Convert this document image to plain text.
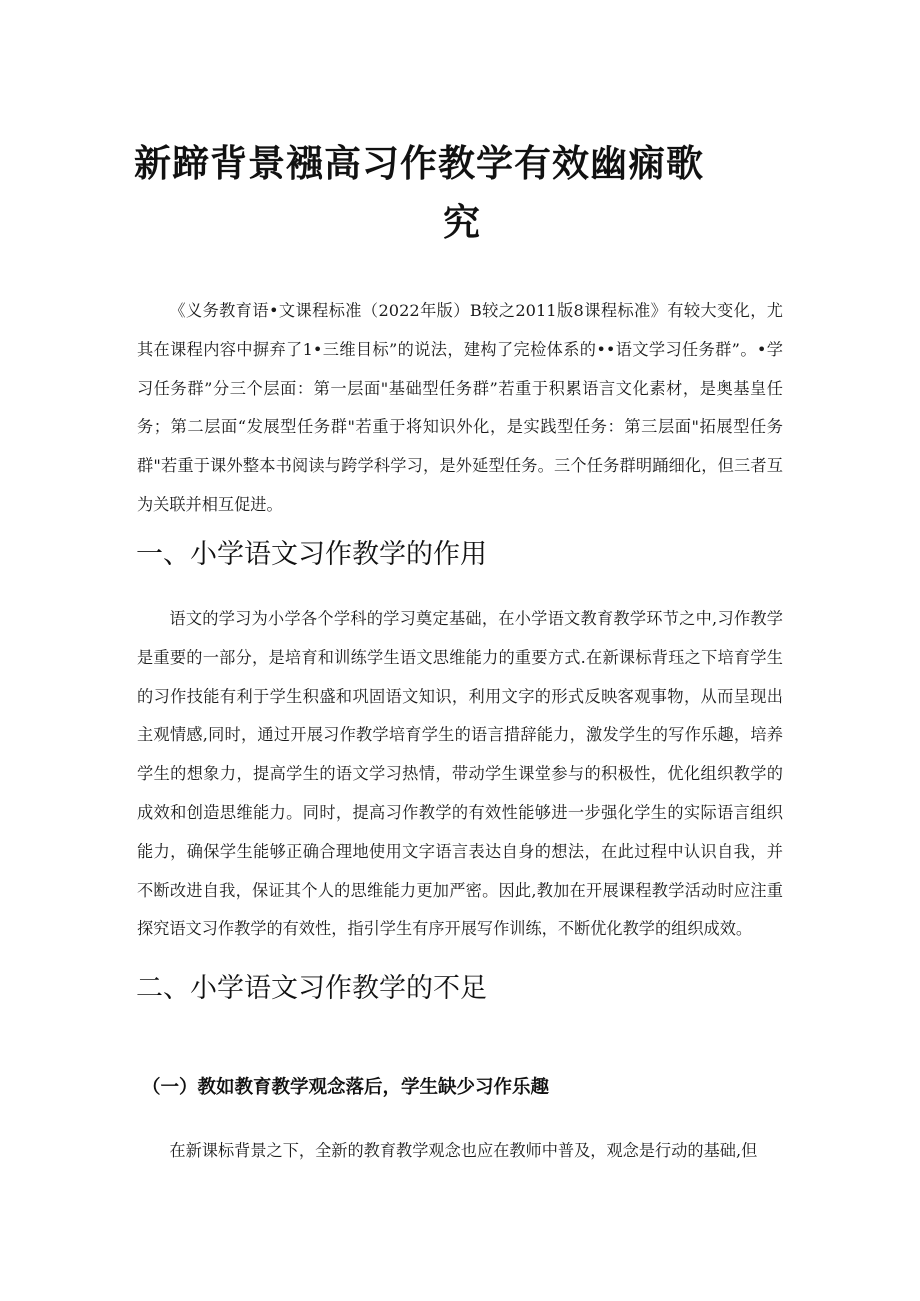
新蹄背景襁高习作教学有效幽痫歌
究

《义务教育语•文课程标准（2022年版）B较之2011版8课程标准》有较大变化，尤其在课程内容中摒弃了1•三维目标”的说法，建构了完检体系的••语文学习任务群”。•学习任务群”分三个层面：第一层面"基础型任务群”若重于积累语言文化素材，是奥基皇任务；第二层面“发展型任务群"若重于将知识外化，是实践型任务：第三层面"拓展型任务群"若重于课外整本书阅读与跨学科学习，是外延型任务。三个任务群明踊细化，但三者互为关联并相互促进。

一、小学语文习作教学的作用

语文的学习为小学各个学科的学习奠定基础，在小学语文教育教学环节之中,习作教学是重要的一部分，是培育和训练学生语文思维能力的重要方式.在新课标背珏之下培育学生的习作技能有利于学生积盛和巩固语文知识，利用文字的形式反映客观事物，从而呈现出主观情感,同时，通过开展习作教学培育学生的语言措辞能力，激发学生的写作乐趣，培养学生的想象力，提高学生的语文学习热情，带动学生课堂参与的积极性，优化组织教学的成效和创造思维能力。同时，提高习作教学的有效性能够进一步强化学生的实际语言组织能力，确保学生能够正确合理地使用文字语言表达自身的想法，在此过程中认识自我，并不断改进自我，保证其个人的思维能力更加严密。因此,教加在开展课程教学活动时应注重探究语文习作教学的有效性，指引学生有序开展写作训练，不断优化教学的组织成效。

二、小学语文习作教学的不足
（一）教如教育教学观念落后，学生缺少习作乐趣

在新课标背景之下，全新的教育教学观念也应在教师中普及，观念是行动的基础,但
